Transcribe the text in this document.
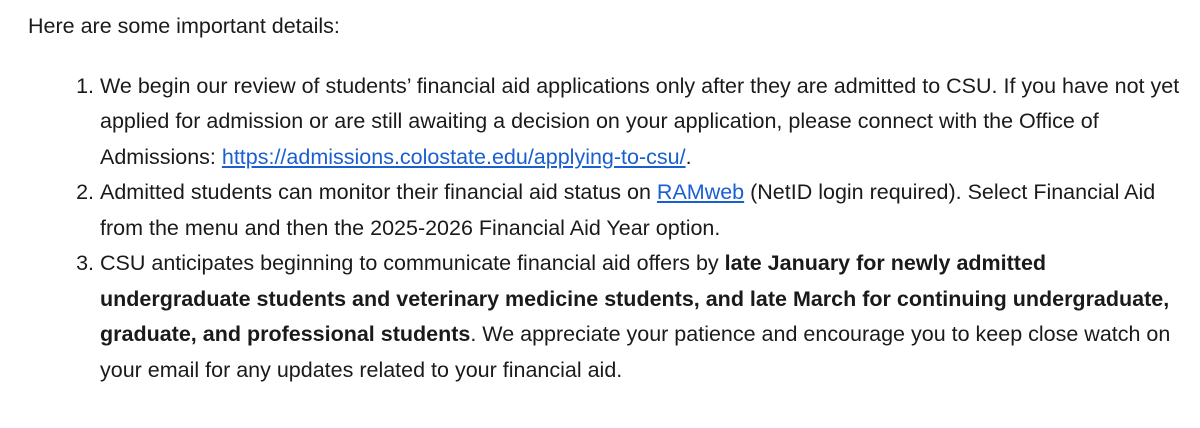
Here are some important details:

1. We begin our review of students’ financial aid applications only after they are admitted to CSU. If you have not yet applied for admission or are still awaiting a decision on your application, please connect with the Office of Admissions: https://admissions.colostate.edu/applying-to-csu/.
2. Admitted students can monitor their financial aid status on RAMweb (NetID login required). Select Financial Aid from the menu and then the 2025-2026 Financial Aid Year option.
3. CSU anticipates beginning to communicate financial aid offers by late January for newly admitted undergraduate students and veterinary medicine students, and late March for continuing undergraduate, graduate, and professional students. We appreciate your patience and encourage you to keep close watch on your email for any updates related to your financial aid.
